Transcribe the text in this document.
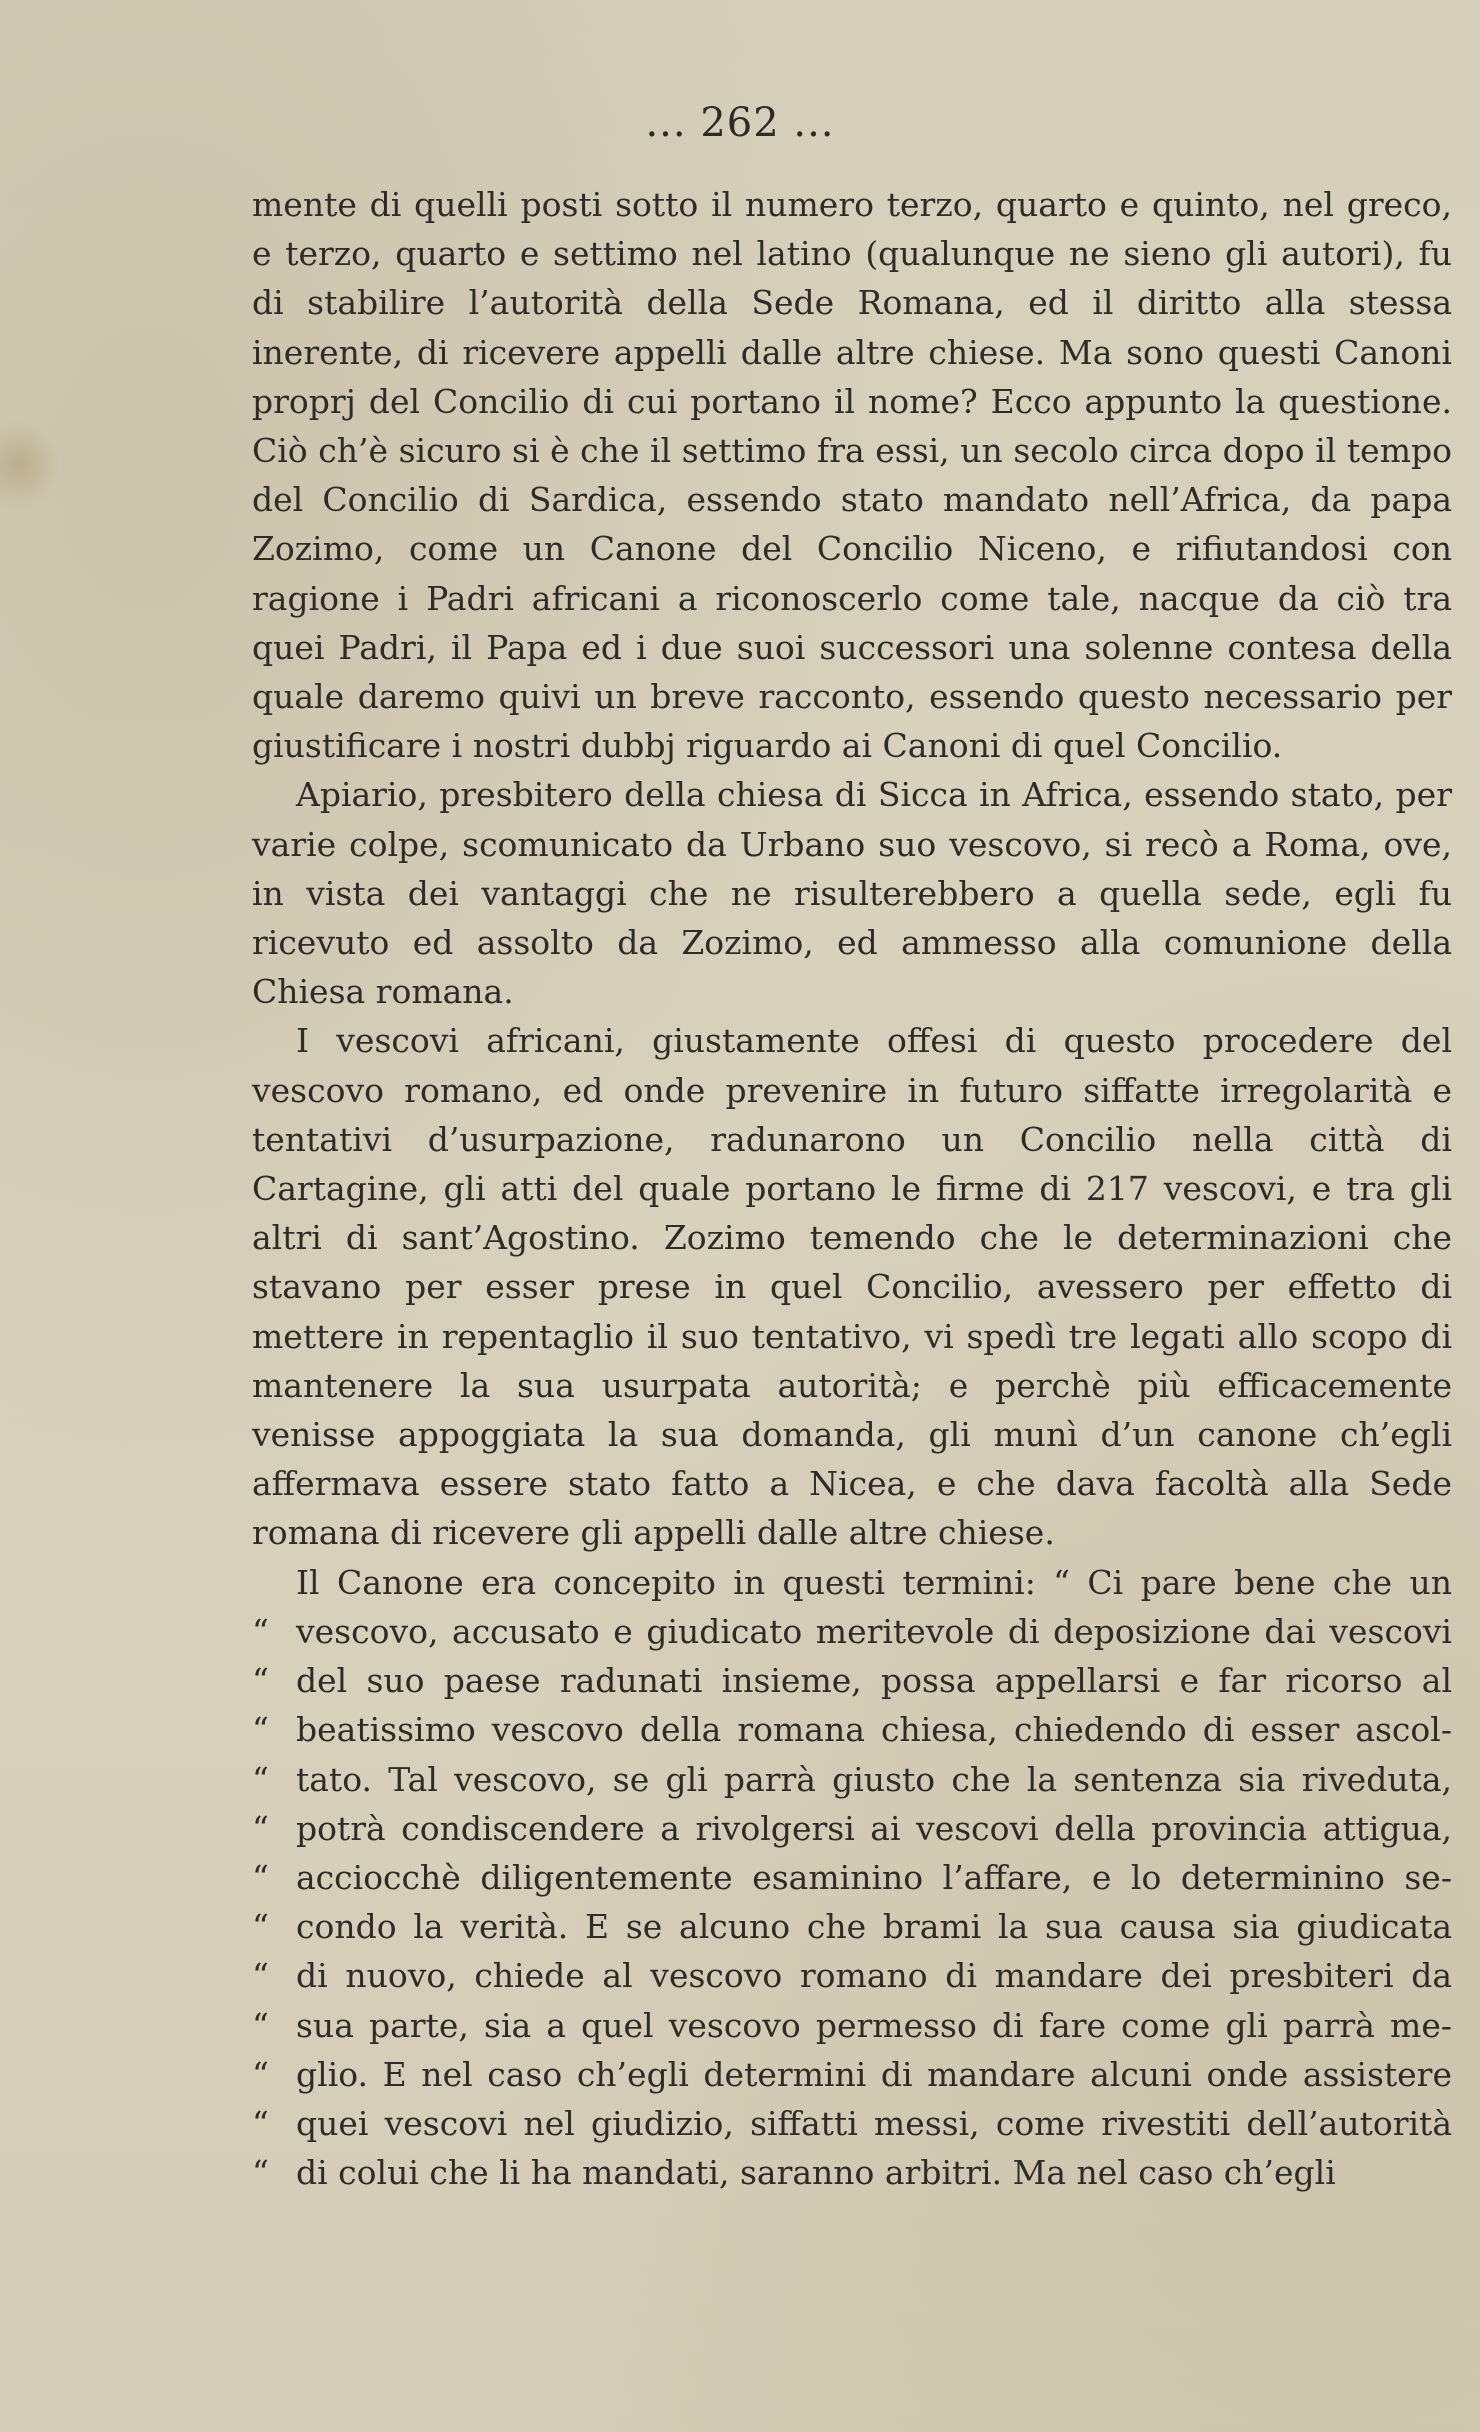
... 262 ...

mente di quelli posti sotto il numero terzo, quarto e quinto, nel greco, e terzo, quarto e settimo nel latino (qualunque ne sieno gli autori), fu di stabilire l’autorità della Sede Romana, ed il diritto alla stessa inerente, di ricevere appelli dalle altre chiese. Ma sono questi Canoni proprj del Concilio di cui portano il nome? Ecco appunto la questione. Ciò ch’è sicuro si è che il settimo fra essi, un secolo circa dopo il tempo del Concilio di Sardica, essendo stato mandato nell’Africa, da papa Zozimo, come un Canone del Concilio Niceno, e rifiutandosi con ragione i Padri africani a riconoscerlo come tale, nacque da ciò tra quei Padri, il Papa ed i due suoi successori una solenne contesa della quale daremo quivi un breve racconto, essendo questo necessario per giustificare i nostri dubbj riguardo ai Canoni di quel Concilio.

Apiario, presbitero della chiesa di Sicca in Africa, essendo stato, per varie colpe, scomunicato da Urbano suo vescovo, si recò a Roma, ove, in vista dei vantaggi che ne risulterebbero a quella sede, egli fu ricevuto ed assolto da Zozimo, ed ammesso alla comunione della Chiesa romana.

I vescovi africani, giustamente offesi di questo procedere del vescovo romano, ed onde prevenire in futuro siffatte irregolarità e tentativi d’usurpazione, radunarono un Concilio nella città di Cartagine, gli atti del quale portano le firme di 217 vescovi, e tra gli altri di sant’Agostino. Zozimo temendo che le determinazioni che stavano per esser prese in quel Concilio, avessero per effetto di mettere in repentaglio il suo tentativo, vi spedì tre legati allo scopo di mantenere la sua usurpata autorità; e perchè più efficacemente venisse appoggiata la sua domanda, gli munì d’un canone ch’egli affermava essere stato fatto a Nicea, e che dava facoltà alla Sede romana di ricevere gli appelli dalle altre chiese.

Il Canone era concepito in questi termini: “ Ci pare bene che un
“ vescovo, accusato e giudicato meritevole di deposizione dai vescovi
“ del suo paese radunati insieme, possa appellarsi e far ricorso al
“ beatissimo vescovo della romana chiesa, chiedendo di esser ascol-
“ tato. Tal vescovo, se gli parrà giusto che la sentenza sia riveduta,
“ potrà condiscendere a rivolgersi ai vescovi della provincia attigua,
“ acciocchè diligentemente esaminino l’affare, e lo determinino se-
“ condo la verità. E se alcuno che brami la sua causa sia giudicata
“ di nuovo, chiede al vescovo romano di mandare dei presbiteri da
“ sua parte, sia a quel vescovo permesso di fare come gli parrà me-
“ glio. E nel caso ch’egli determini di mandare alcuni onde assistere
“ quei vescovi nel giudizio, siffatti messi, come rivestiti dell’autorità
“ di colui che li ha mandati, saranno arbitri. Ma nel caso ch’egli
